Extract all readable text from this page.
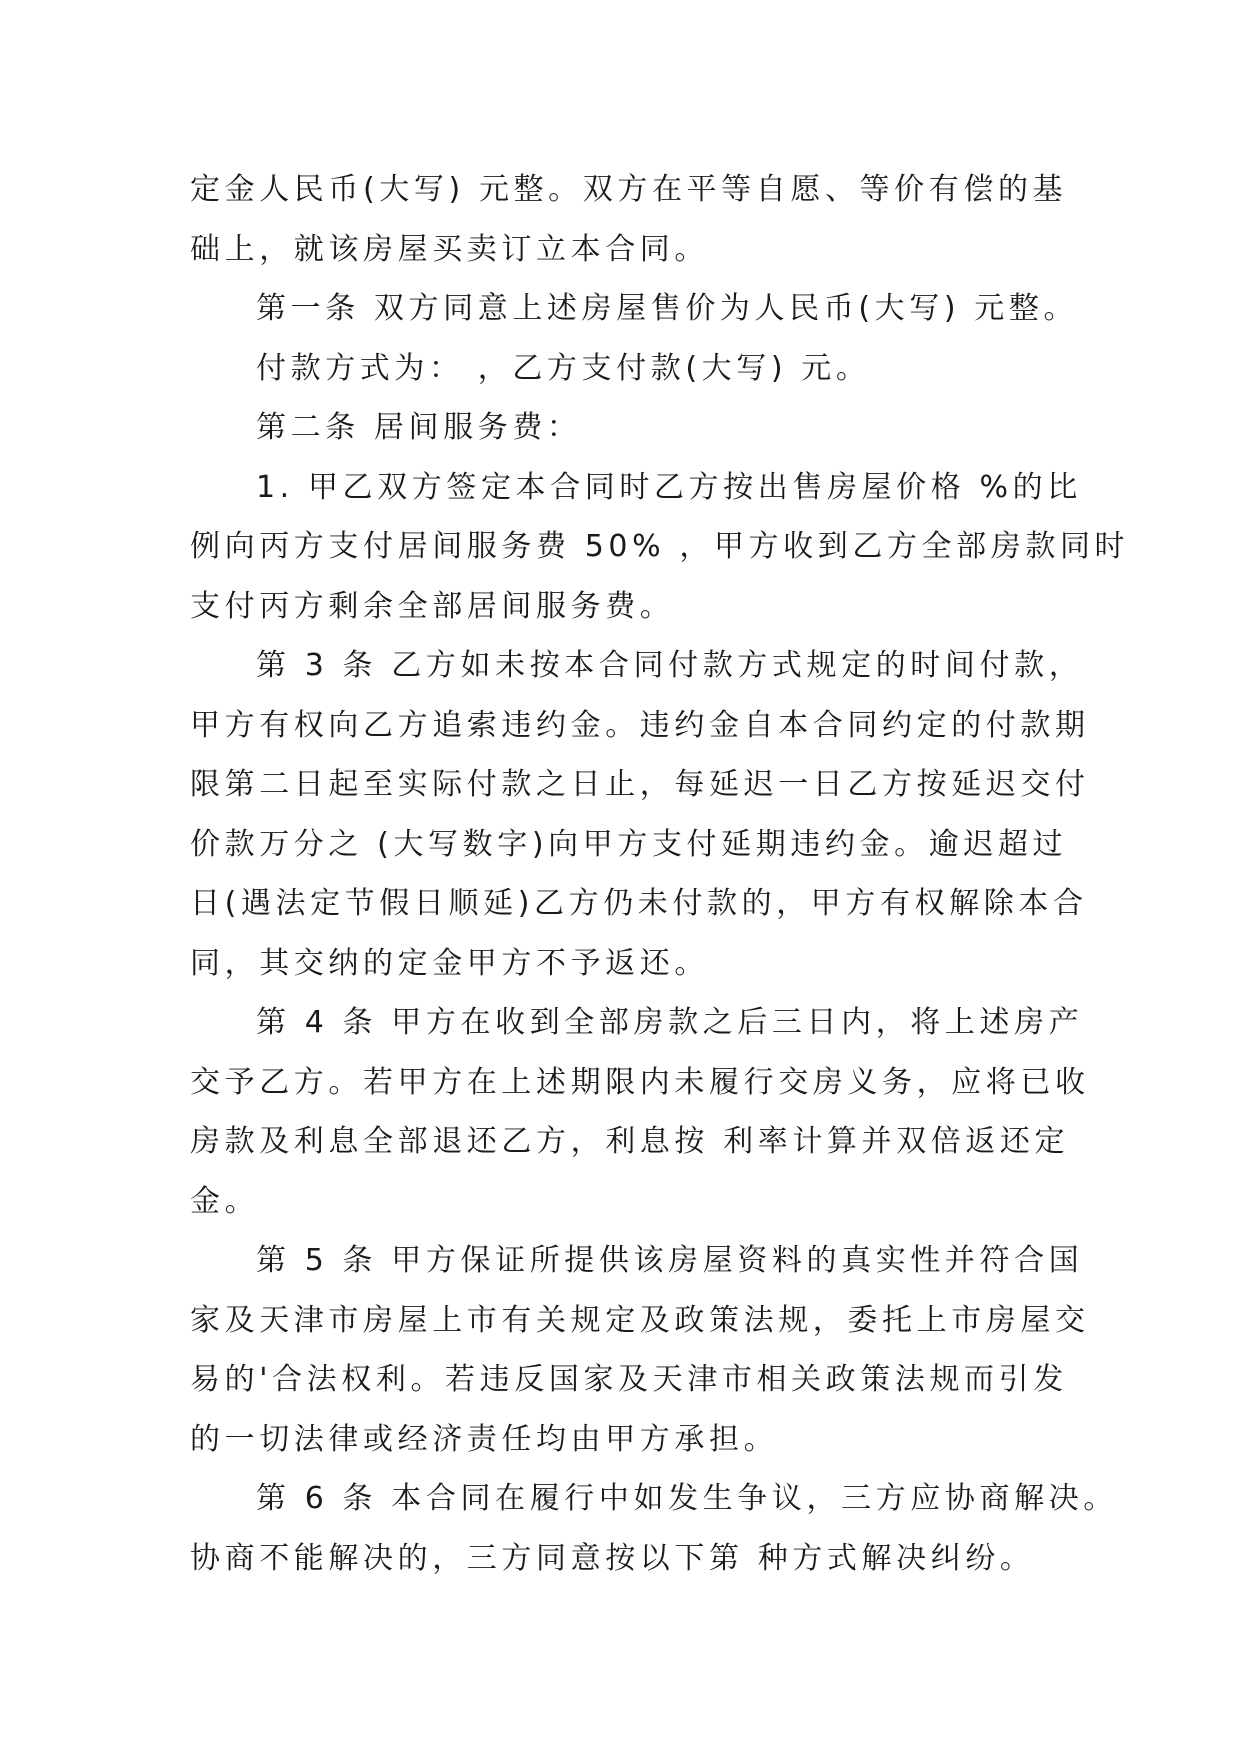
定金人民币(大写) 元整。双方在平等自愿、等价有偿的基
础上，就该房屋买卖订立本合同。
第一条 双方同意上述房屋售价为人民币(大写) 元整。
付款方式为： ，乙方支付款(大写) 元。
第二条 居间服务费：
1. 甲乙双方签定本合同时乙方按出售房屋价格 %的比
例向丙方支付居间服务费 50% ，甲方收到乙方全部房款同时
支付丙方剩余全部居间服务费。
第 3 条 乙方如未按本合同付款方式规定的时间付款，
甲方有权向乙方追索违约金。违约金自本合同约定的付款期
限第二日起至实际付款之日止，每延迟一日乙方按延迟交付
价款万分之 (大写数字)向甲方支付延期违约金。逾迟超过
日(遇法定节假日顺延)乙方仍未付款的，甲方有权解除本合
同，其交纳的定金甲方不予返还。
第 4 条 甲方在收到全部房款之后三日内，将上述房产
交予乙方。若甲方在上述期限内未履行交房义务，应将已收
房款及利息全部退还乙方，利息按 利率计算并双倍返还定
金。
第 5 条 甲方保证所提供该房屋资料的真实性并符合国
家及天津市房屋上市有关规定及政策法规，委托上市房屋交
易的'合法权利。若违反国家及天津市相关政策法规而引发
的一切法律或经济责任均由甲方承担。
第 6 条 本合同在履行中如发生争议，三方应协商解决。
协商不能解决的，三方同意按以下第 种方式解决纠纷。
